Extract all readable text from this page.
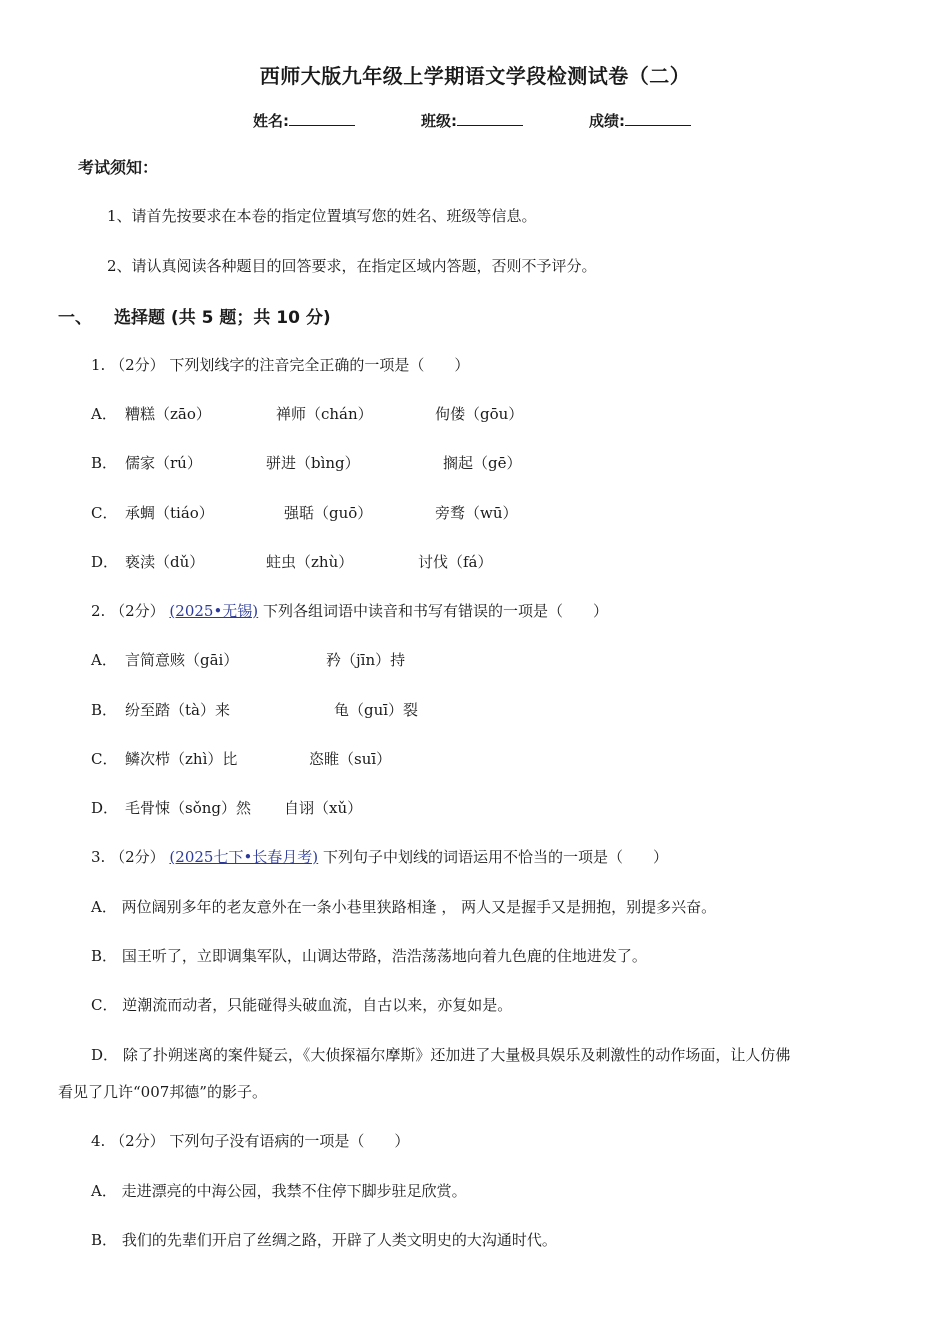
西师大版九年级上学期语文学段检测试卷（二）
姓名:	班级:	成绩:
考试须知：
1、请首先按要求在本卷的指定位置填写您的姓名、班级等信息。
2、请认真阅读各种题目的回答要求，在指定区域内答题，否则不予评分。
一、 选择题 (共 5 题；共 10 分)
1. （2分） 下列划线字的注音完全正确的一项是（　　）
A． 糟糕（zāo）	禅师（chán）	佝偻（gōu）
B． 儒家（rú）	骈进（bìng）	搁起（gē）
C． 承蜩（tiáo）	强聒（guō）	旁骛（wū）
D． 亵渎（dǔ）	蛀虫（zhù）	讨伐（fá）
2. （2分） (2025•无锡) 下列各组词语中读音和书写有错误的一项是（　　）
A． 言简意赅（gāi）	矜（jīn）持
B． 纷至踏（tà）来	龟（guī）裂
C． 鳞次栉（zhì）比	恣睢（suī）
D． 毛骨悚（sǒng）然 自诩（xǔ）
3. （2分） (2025七下•长春月考) 下列句子中划线的词语运用不恰当的一项是（　　）
A． 两位阔别多年的老友意外在一条小巷里狭路相逢 ， 两人又是握手又是拥抱，别提多兴奋。
B． 国王听了，立即调集军队，山调达带路，浩浩荡荡地向着九色鹿的住地进发了。
C． 逆潮流而动者，只能碰得头破血流，自古以来，亦复如是。
D． 除了扑朔迷离的案件疑云，《大侦探福尔摩斯》还加进了大量极具娱乐及刺激性的动作场面，让人仿佛
看见了几许“007邦德”的影子。
4. （2分） 下列句子没有语病的一项是（　　）
A． 走进漂亮的中海公园，我禁不住停下脚步驻足欣赏。
B． 我们的先辈们开启了丝绸之路，开辟了人类文明史的大沟通时代。
